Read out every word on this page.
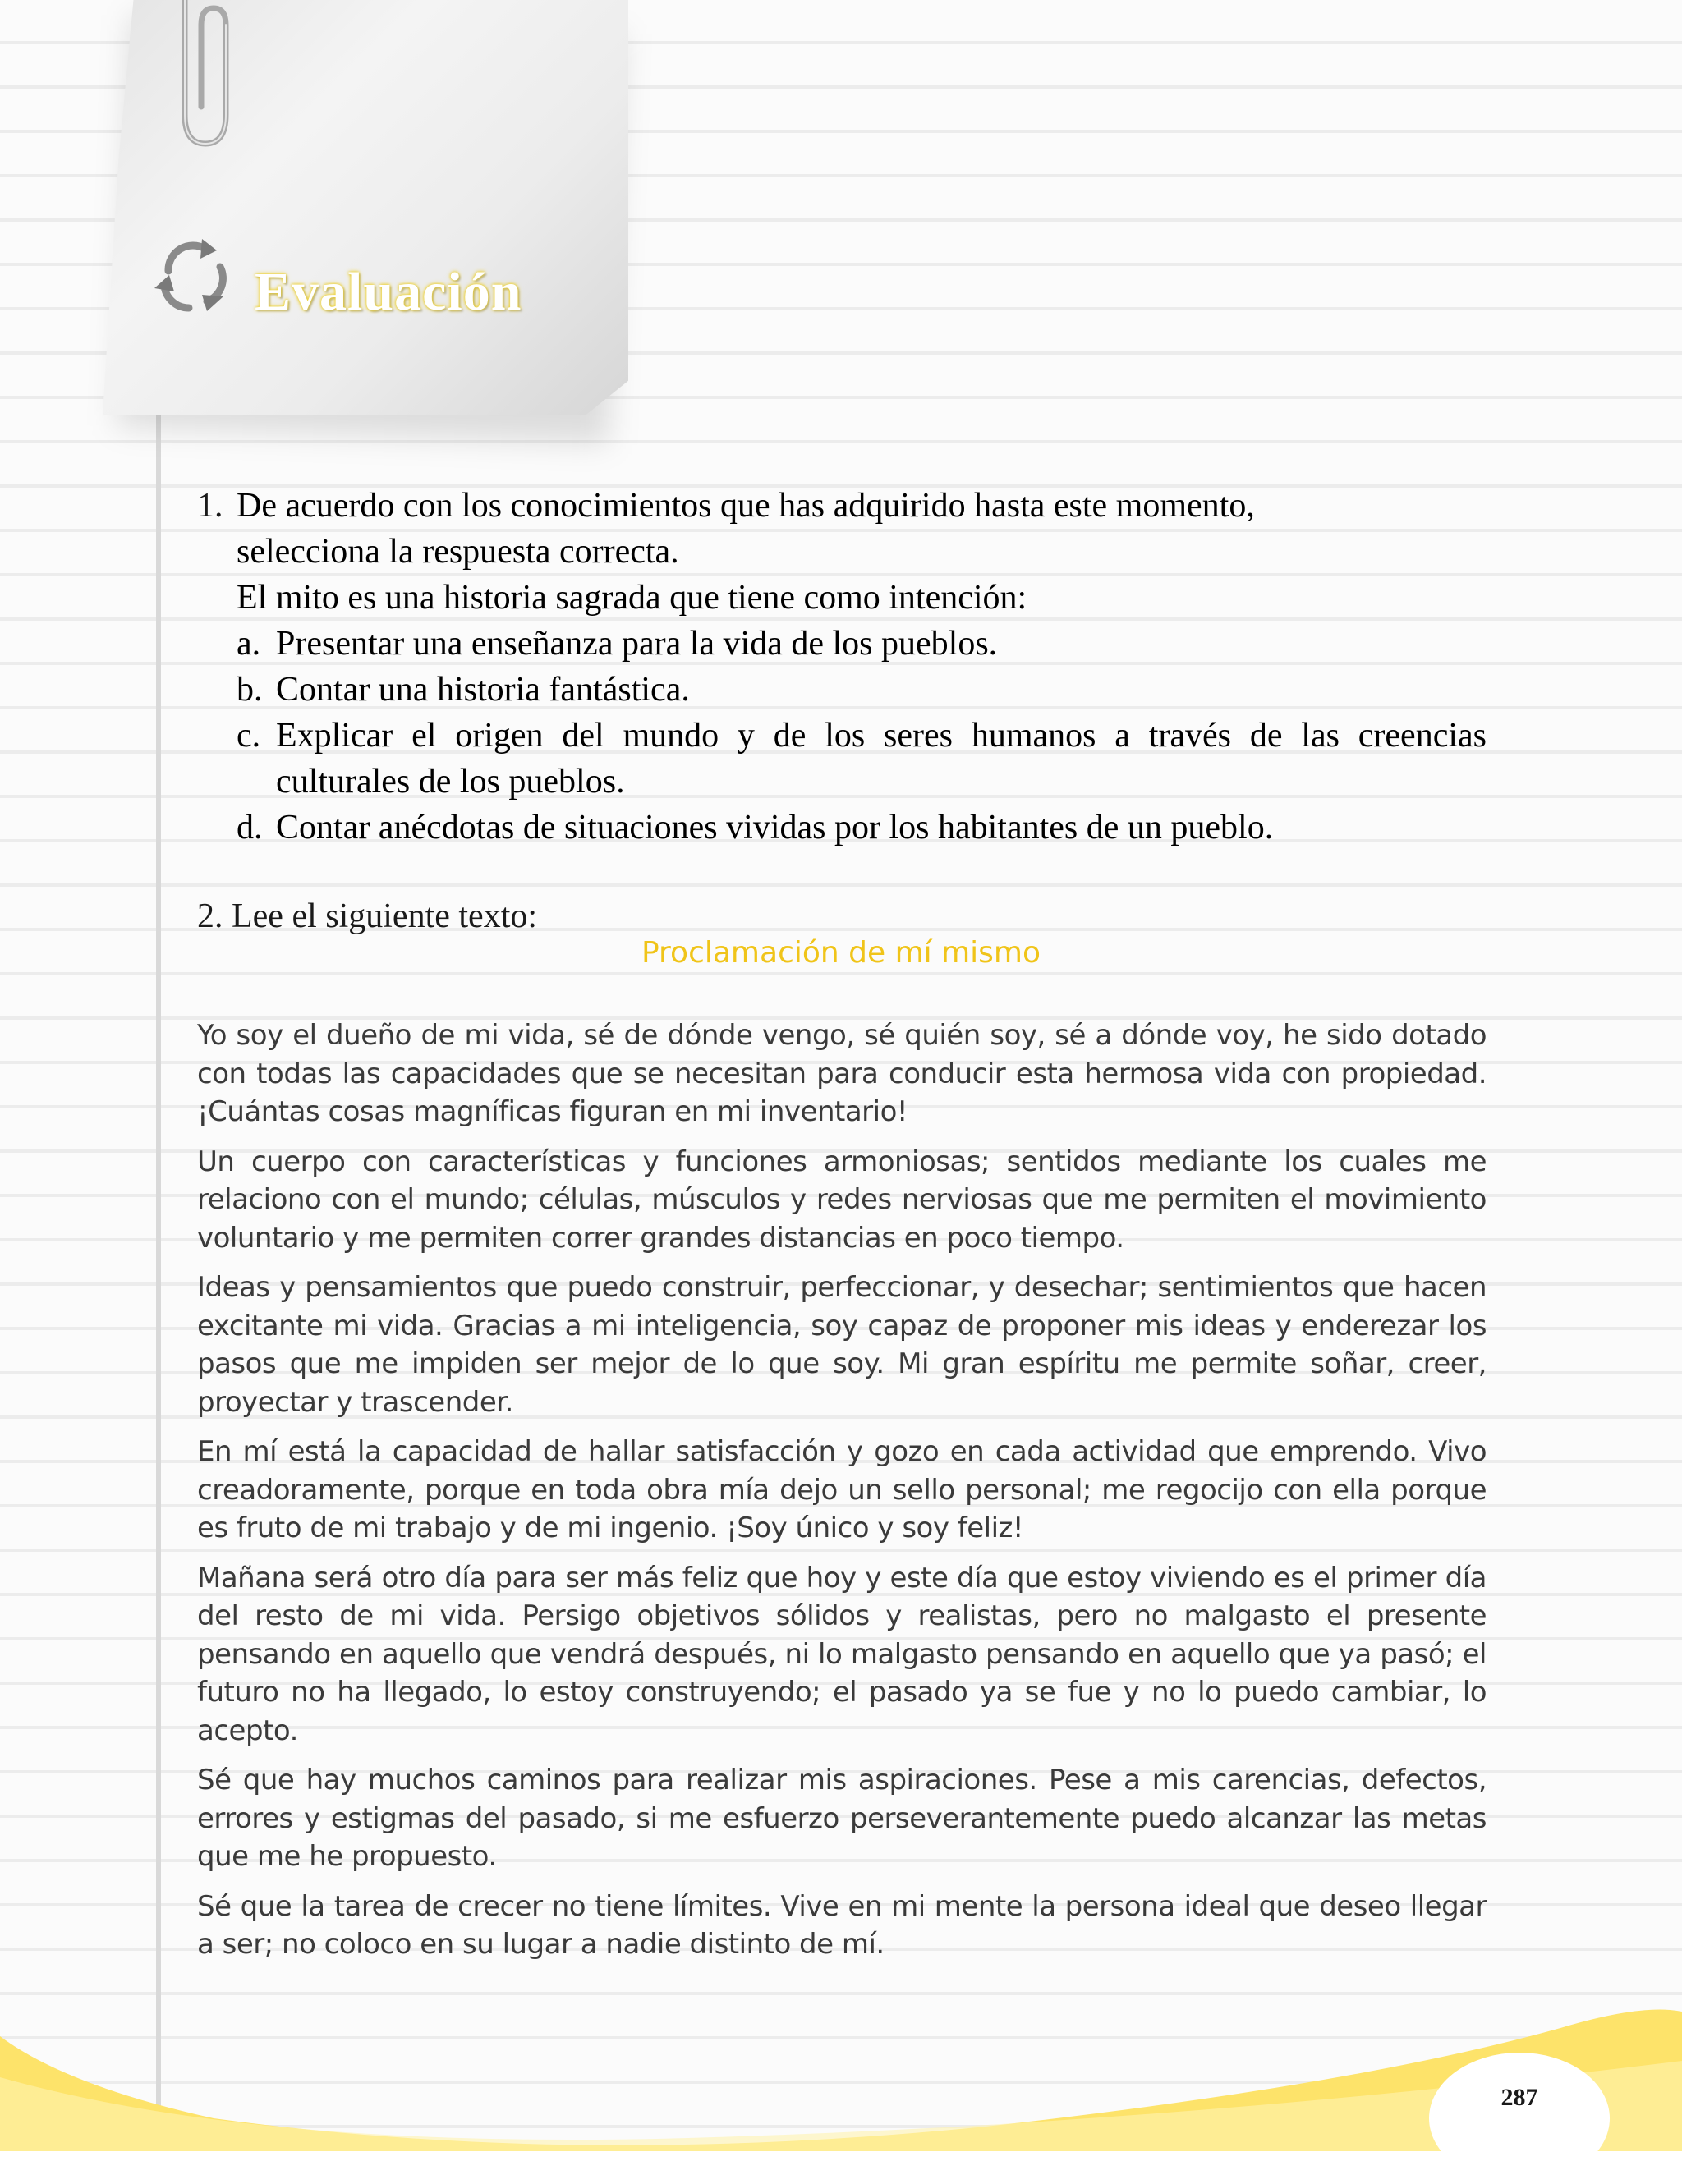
Evaluación
1. De acuerdo con los conocimientos que has adquirido hasta este momento,

selecciona la respuesta correcta.

El mito es una historia sagrada que tiene como intención:

a. Presentar una enseñanza para la vida de los pueblos.
b. Contar una historia fantástica.
c. Explicar el origen del mundo y de los seres humanos a través de las creencias culturales de los pueblos.
d. Contar anécdotas de situaciones vividas por los habitantes de un pueblo.

2. Lee el siguiente texto:

Proclamación de mí mismo

Yo soy el dueño de mi vida, sé de dónde vengo, sé quién soy, sé a dónde voy, he sido dotado con todas las capacidades que se necesitan para conducir esta hermosa vida con propiedad. ¡Cuántas cosas magníficas figuran en mi inventario!

Un cuerpo con características y funciones armoniosas; sentidos mediante los cuales me relaciono con el mundo; células, músculos y redes nerviosas que me permiten el movimiento voluntario y me permiten correr grandes distancias en poco tiempo.

Ideas y pensamientos que puedo construir, perfeccionar, y desechar; sentimientos que hacen excitante mi vida. Gracias a mi inteligencia, soy capaz de proponer mis ideas y enderezar los pasos que me impiden ser mejor de lo que soy. Mi gran espíritu me permite soñar, creer, proyectar y trascender.

En mí está la capacidad de hallar satisfacción y gozo en cada actividad que emprendo. Vivo creadoramente, porque en toda obra mía dejo un sello personal; me regocijo con ella porque es fruto de mi trabajo y de mi ingenio. ¡Soy único y soy feliz!

Mañana será otro día para ser más feliz que hoy y este día que estoy viviendo es el primer día del resto de mi vida. Persigo objetivos sólidos y realistas, pero no malgasto el presente pensando en aquello que vendrá después, ni lo malgasto pensando en aquello que ya pasó; el futuro no ha llegado, lo estoy construyendo; el pasado ya se fue y no lo puedo cambiar, lo acepto.

Sé que hay muchos caminos para realizar mis aspiraciones. Pese a mis carencias, defectos, errores y estigmas del pasado, si me esfuerzo perseverantemente puedo alcanzar las metas que me he propuesto.

Sé que la tarea de crecer no tiene límites. Vive en mi mente la persona ideal que deseo llegar a ser; no coloco en su lugar a nadie distinto de mí.

287
